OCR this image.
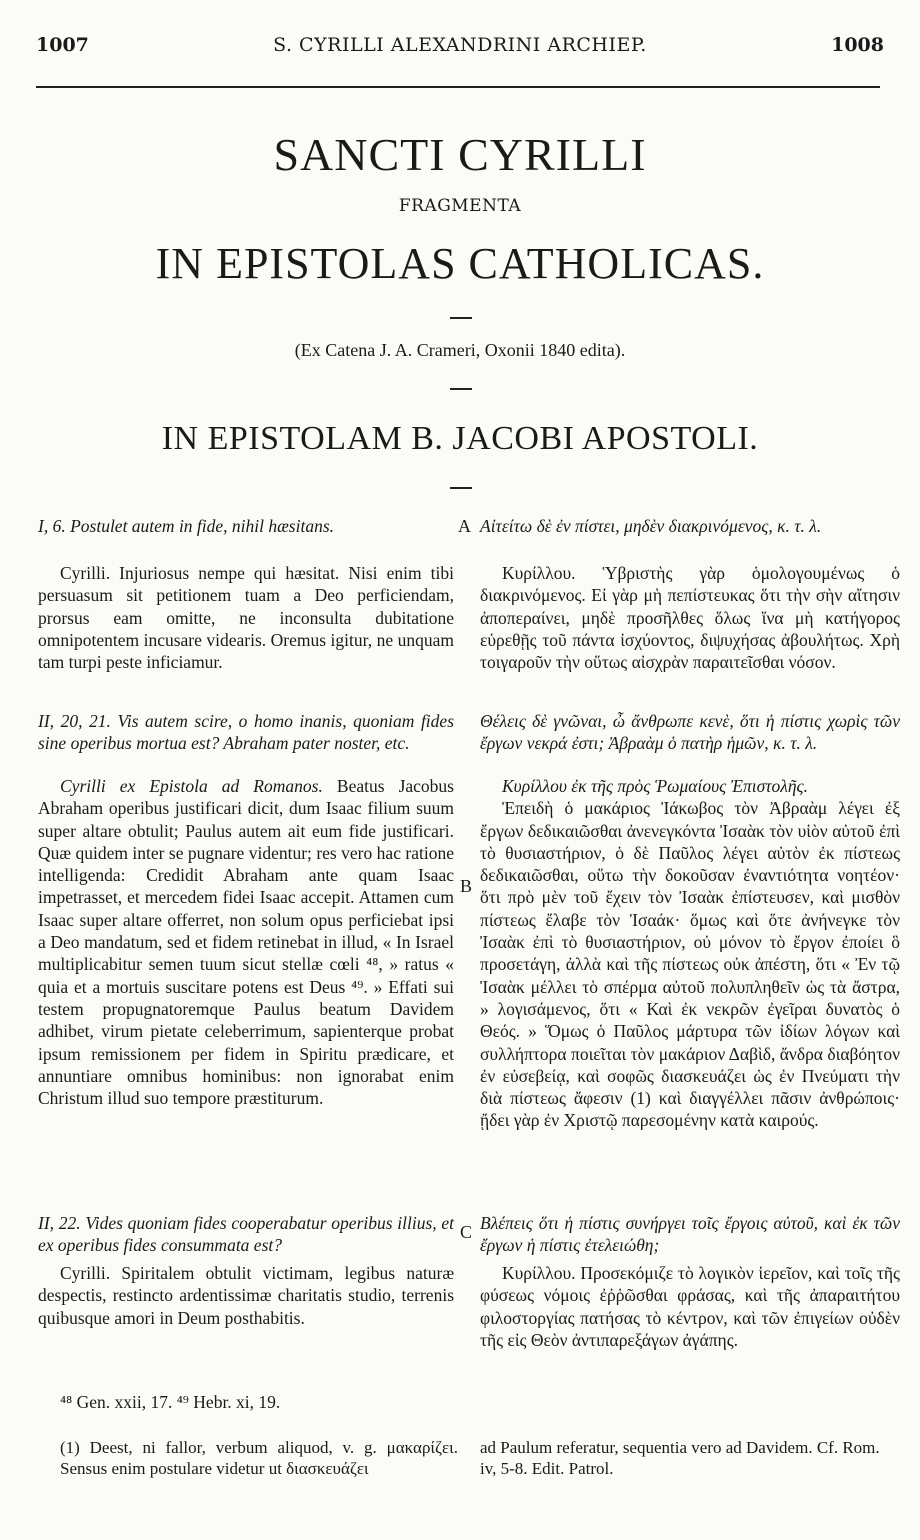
1007	S. CYRILLI ALEXANDRINI ARCHIEP.	1008
SANCTI CYRILLI
FRAGMENTA
IN EPISTOLAS CATHOLICAS.
(Ex Catena J. A. Crameri, Oxonii 1840 edita).
IN EPISTOLAM B. JACOBI APOSTOLI.

I, 6. Postulet autem in fide, nihil hæsitans.

Cyrilli. Injuriosus nempe qui hæsitat. Nisi enim tibi persuasum sit petitionem tuam a Deo perficiendam, prorsus eam omitte, ne inconsulta dubitatione omnipotentem incusare videaris. Oremus igitur, ne unquam tam turpi peste inficiamur.

II, 20, 21. Vis autem scire, o homo inanis, quoniam fides sine operibus mortua est? Abraham pater noster, etc.

Cyrilli ex Epistola ad Romanos. Beatus Jacobus Abraham operibus justificari dicit, dum Isaac filium suum super altare obtulit; Paulus autem ait eum fide justificari. Quæ quidem inter se pugnare videntur; res vero hac ratione intelligenda: Credidit Abraham ante quam Isaac impetrasset, et mercedem fidei Isaac accepit. Attamen cum Isaac super altare offerret, non solum opus perficiebat ipsi a Deo mandatum, sed et fidem retinebat in illud, « In Israel multiplicabitur semen tuum sicut stellæ cœli ⁴⁸, » ratus « quia et a mortuis suscitare potens est Deus ⁴⁹. » Effati sui testem propugnatoremque Paulus beatum Davidem adhibet, virum pietate celeberrimum, sapienterque probat ipsum remissionem per fidem in Spiritu prædicare, et annuntiare omnibus hominibus: non ignorabat enim Christum illud suo tempore præstiturum.

II, 22. Vides quoniam fides cooperabatur operibus illius, et ex operibus fides consummata est?

Cyrilli. Spiritalem obtulit victimam, legibus naturæ despectis, restincto ardentissimæ charitatis studio, terrenis quibusque amori in Deum posthabitis.

A
B
C

Αἰτείτω δὲ ἐν πίστει, μηδὲν διακρινόμενος, κ. τ. λ.

Κυρίλλου. Ὑβριστὴς γὰρ ὁμολογουμένως ὁ διακρινόμενος. Εἰ γὰρ μὴ πεπίστευκας ὅτι τὴν σὴν αἴτησιν ἀποπεραίνει, μηδὲ προσῆλθες ὅλως ἵνα μὴ κατήγορος εὑρεθῇς τοῦ πάντα ἰσχύοντος, διψυχήσας ἀβουλήτως. Χρὴ τοιγαροῦν τὴν οὕτως αἰσχρὰν παραιτεῖσθαι νόσον.

Θέλεις δὲ γνῶναι, ὦ ἄνθρωπε κενὲ, ὅτι ἡ πίστις χωρὶς τῶν ἔργων νεκρά ἐστι; Ἀβραὰμ ὁ πατὴρ ἡμῶν, κ. τ. λ.

Κυρίλλου ἐκ τῆς πρὸς Ῥωμαίους Ἐπιστολῆς.

Ἐπειδὴ ὁ μακάριος Ἰάκωβος τὸν Ἀβραὰμ λέγει ἐξ ἔργων δεδικαιῶσθαι ἀνενεγκόντα Ἰσαὰκ τὸν υἱὸν αὐτοῦ ἐπὶ τὸ θυσιαστήριον, ὁ δὲ Παῦλος λέγει αὐτὸν ἐκ πίστεως δεδικαιῶσθαι, οὕτω τὴν δοκοῦσαν ἐναντιότητα νοητέον· ὅτι πρὸ μὲν τοῦ ἔχειν τὸν Ἰσαὰκ ἐπίστευσεν, καὶ μισθὸν πίστεως ἔλαβε τὸν Ἰσαάκ· ὅμως καὶ ὅτε ἀνήνεγκε τὸν Ἰσαὰκ ἐπὶ τὸ θυσιαστήριον, οὐ μόνον τὸ ἔργον ἐποίει ὃ προσετάγη, ἀλλὰ καὶ τῆς πίστεως οὐκ ἀπέστη, ὅτι « Ἐν τῷ Ἰσαὰκ μέλλει τὸ σπέρμα αὐτοῦ πολυπληθεῖν ὡς τὰ ἄστρα, » λογισάμενος, ὅτι « Καὶ ἐκ νεκρῶν ἐγεῖραι δυνατὸς ὁ Θεός. » Ὅμως ὁ Παῦλος μάρτυρα τῶν ἰδίων λόγων καὶ συλλήπτορα ποιεῖται τὸν μακάριον Δαβὶδ, ἄνδρα διαβόητον ἐν εὐσεβείᾳ, καὶ σοφῶς διασκευάζει ὡς ἐν Πνεύματι τὴν διὰ πίστεως ἄφεσιν (1) καὶ διαγγέλλει πᾶσιν ἀνθρώποις· ᾔδει γὰρ ἐν Χριστῷ παρεσομένην κατὰ καιρούς.

Βλέπεις ὅτι ἡ πίστις συνήργει τοῖς ἔργοις αὐτοῦ, καὶ ἐκ τῶν ἔργων ἡ πίστις ἐτελειώθη;

Κυρίλλου. Προσεκόμιζε τὸ λογικὸν ἱερεῖον, καὶ τοῖς τῆς φύσεως νόμοις ἐῤῥῶσθαι φράσας, καὶ τῆς ἀπαραιτήτου φιλοστοργίας πατήσας τὸ κέντρον, καὶ τῶν ἐπιγείων οὐδὲν τῆς εἰς Θεὸν ἀντιπαρεξάγων ἀγάπης.

⁴⁸ Gen. xxii, 17. ⁴⁹ Hebr. xi, 19.
(1) Deest, ni fallor, verbum aliquod, v. g. μακαρίζει. Sensus enim postulare videtur ut διασκευάζει
ad Paulum referatur, sequentia vero ad Davidem. Cf. Rom. iv, 5-8. Edit. Patrol.
